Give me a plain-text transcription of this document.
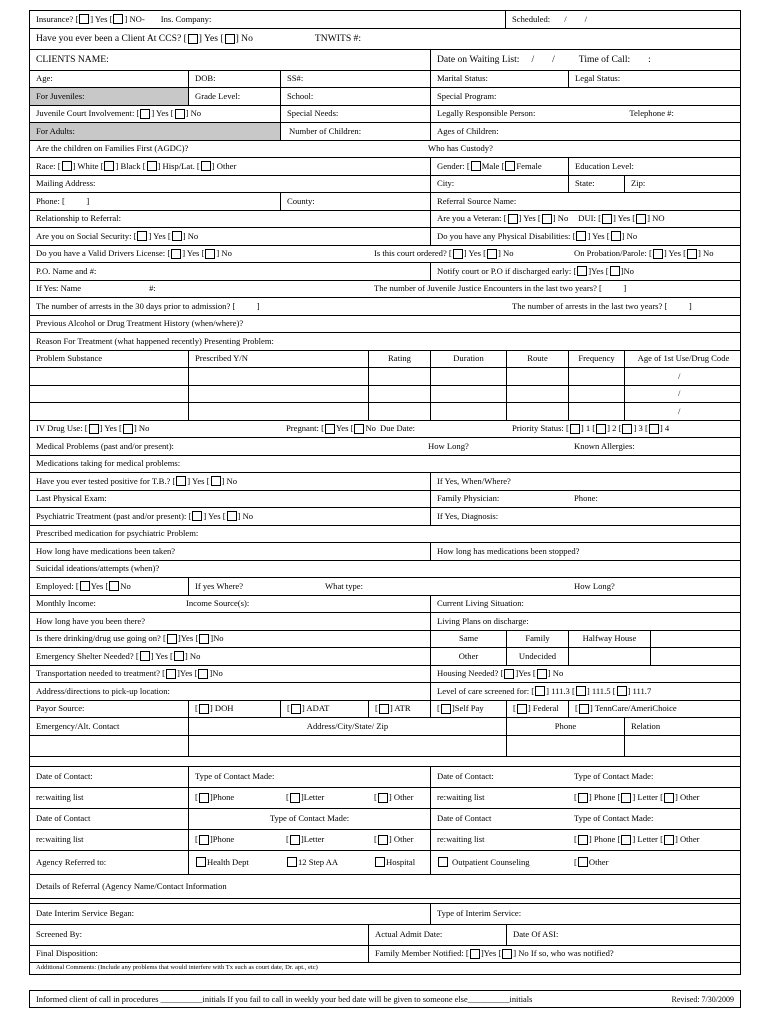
Insurance? [ ] Yes [ ] NO- Ins. Company:	Scheduled: / /
Have you ever been a Client At CCS? [ ] Yes [ ] No	TNWITS #:
CLIENTS NAME:	Date on Waiting List: / /	Time of Call: :
Age:	DOB:	SS#:	Marital Status:	Legal Status:
For Juveniles:	Grade Level:	School:	Special Program:
Juvenile Court Involvement: [ ] Yes [ ] No	Special Needs:	Legally Responsible Person:	Telephone #:
For Adults:	Number of Children:	Ages of Children:
Are the children on Families First (AGDC)?	Who has Custody?
Race: [ ] White [ ] Black [ ] Hisp/Lat. [ ] Other	Gender: [ Male [ Female	Education Level:
Mailing Address:	City:	State:	Zip:
Phone: [          ]	County:	Referral Source Name:
Relationship to Referral:	Are you a Veteran: [ ] Yes [ ] No DUI: [ ] Yes [ ] NO
Are you on Social Security: [ ] Yes [ ] No	Do you have any Physical Disabilities: [ ] Yes [ ] No
Do you have a Valid Drivers License: [ ] Yes [ ] No	Is this court ordered? [ ] Yes [ ] No	On Probation/Parole: [ ] Yes [ ] No
P.O. Name and #:	Notify court or P.O if discharged early: [ ]Yes [ ]No
If Yes: Name	#:	The number of Juvenile Justice Encounters in the last two years? [          ]
The number of arrests in the 30 days prior to admission? [          ]	The number of arrests in the last two years? [          ]
Previous Alcohol or Drug Treatment History (when/where)?
Reason For Treatment (what happened recently) Presenting Problem:
Problem Substance	Prescribed Y/N	Rating	Duration	Route	Frequency	Age of 1st Use/Drug Code
/
/
/
IV Drug Use: [ ] Yes [ ] No	Pregnant: [ Yes [ No Due Date:	Priority Status: [ ] 1 [ ] 2 [ ] 3 [ ] 4
Medical Problems (past and/or present):	How Long?	Known Allergies:
Medications taking for medical problems:
Have you ever tested positive for T.B.? [ ] Yes [ ] No	If Yes, When/Where?
Last Physical Exam:	Family Physician:	Phone:
Psychiatric Treatment (past and/or present): [ ] Yes [ ] No	If Yes, Diagnosis:
Prescribed medication for psychiatric Problem:
How long have medications been taken?	How long has medications been stopped?
Suicidal ideations/attempts (when)?
Employed: [ Yes [ No	If yes Where?	What type:	How Long?
Monthly Income:	Income Source(s):	Current Living Situation:
How long have you been there?	Living Plans on discharge:
Is there drinking/drug use going on? [ ]Yes [ ]No	Same	Family	Halfway House
Emergency Shelter Needed? [ ] Yes [ ] No	Other	Undecided
Transportation needed to treatment? [ ]Yes [ ]No	Housing Needed? [ ]Yes [ ] No
Address/directions to pick-up location:	Level of care screened for: [ ] 111.3 [ ] 111.5 [ ] 111.7
Payor Source:	[ ] DOH	[ ] ADAT	[ ] ATR	[ ]Self Pay	[ ] Federal [ ] TennCare/AmeriChoice
Emergency/Alt. Contact	Address/City/State/ Zip	Phone	Relation
Date of Contact:	Type of Contact Made:	Date of Contact:	Type of Contact Made:
re:waiting list	[ ]Phone	[ ]Letter	[ ] Other	re:waiting list	[ ] Phone [ ] Letter [ ] Other
Date of Contact	Type of Contact Made:	Date of Contact	Type of Contact Made:
re:waiting list	[ ]Phone	[ ]Letter	[ ] Other	re:waiting list	[ ] Phone [ ] Letter [ ] Other
Agency Referred to:	Health Dept	12 Step AA	Hospital	Outpatient Counseling	[ Other
Details of Referral (Agency Name/Contact Information
Date Interim Service Began:	Type of Interim Service:
Screened By:	Actual Admit Date:	Date Of ASI:
Final Disposition:	Family Member Notified: [ ]Yes [ ] No If so, who was notified?
Additional Comments: (Include any problems that would interfere with Tx such as court date, Dr. apt., etc)
Informed client of call in procedures __________initials If you fail to call in weekly your bed date will be given to someone else__________initials	Revised: 7/30/2009
